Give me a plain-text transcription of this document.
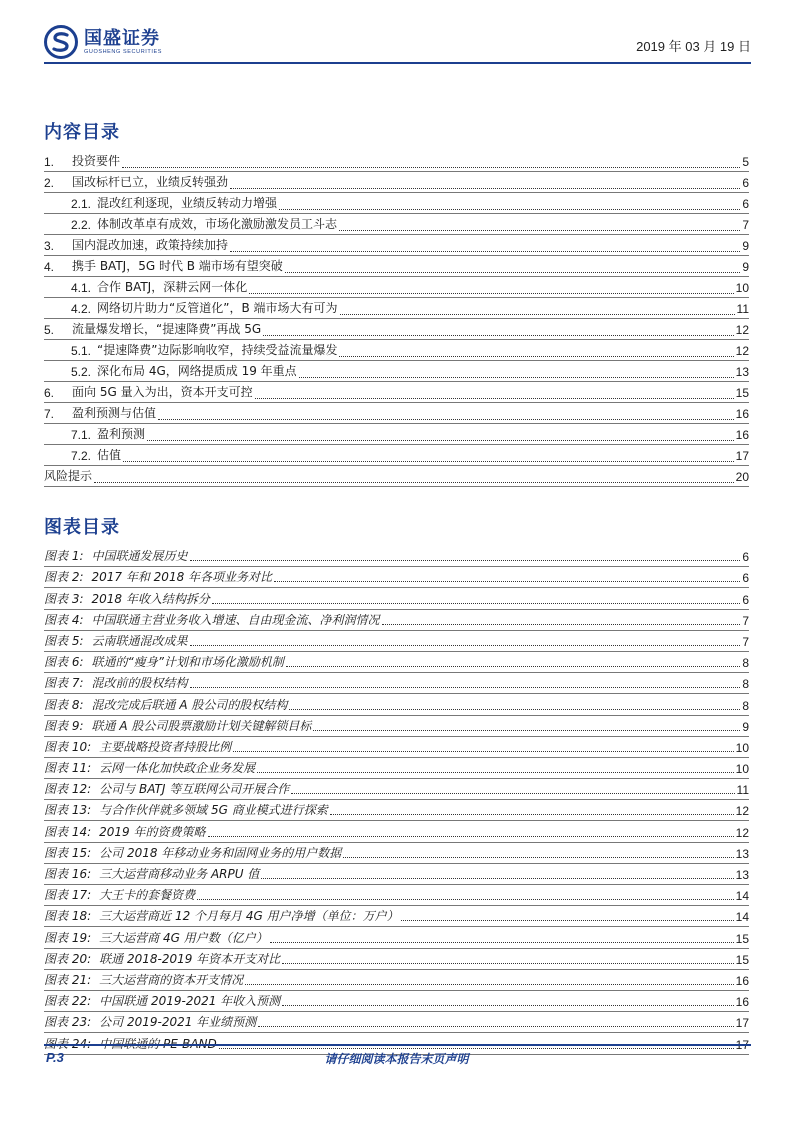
国盛证券
GUOSHENG SECURITIES	2019 年 03 月 19 日
内容目录
1.	投资要件	5
2.	国改标杆已立，业绩反转强劲	6
2.1. 混改红利逐现，业绩反转动力增强	6
2.2. 体制改革卓有成效，市场化激励激发员工斗志	7
3.	国内混改加速，政策持续加持	9
4.	携手 BATJ，5G 时代 B 端市场有望突破	9
4.1. 合作 BATJ，深耕云网一体化	10
4.2. 网络切片助力“反管道化”，B 端市场大有可为	11
5.	流量爆发增长，“提速降费”再战 5G	12
5.1. “提速降费”边际影响收窄，持续受益流量爆发	12
5.2. 深化布局 4G，网络提质成 19 年重点	13
6.	面向 5G 量入为出，资本开支可控	15
7.	盈利预测与估值	16
7.1. 盈利预测	16
7.2. 估值	17
风险提示	20
图表目录
图表 1: 中国联通发展历史	6
图表 2: 2017 年和 2018 年各项业务对比	6
图表 3: 2018 年收入结构拆分	6
图表 4: 中国联通主营业务收入增速、自由现金流、净利润情况	7
图表 5: 云南联通混改成果	7
图表 6: 联通的“瘦身”计划和市场化激励机制	8
图表 7: 混改前的股权结构	8
图表 8: 混改完成后联通 A 股公司的股权结构	8
图表 9: 联通 A 股公司股票激励计划关键解锁目标	9
图表 10: 主要战略投资者持股比例	10
图表 11: 云网一体化加快政企业务发展	10
图表 12: 公司与 BATJ 等互联网公司开展合作	11
图表 13: 与合作伙伴就多领域 5G 商业模式进行探索	12
图表 14: 2019 年的资费策略	12
图表 15: 公司 2018 年移动业务和固网业务的用户数据	13
图表 16: 三大运营商移动业务 ARPU 值	13
图表 17: 大王卡的套餐资费	14
图表 18: 三大运营商近 12 个月每月 4G 用户净增（单位：万户）	14
图表 19: 三大运营商 4G 用户数（亿户）	15
图表 20: 联通 2018-2019 年资本开支对比	15
图表 21: 三大运营商的资本开支情况	16
图表 22: 中国联通 2019-2021 年收入预测	16
图表 23: 公司 2019-2021 年业绩预测	17
图表 24: 中国联通的 PE-BAND	17
P.3	请仔细阅读本报告末页声明
